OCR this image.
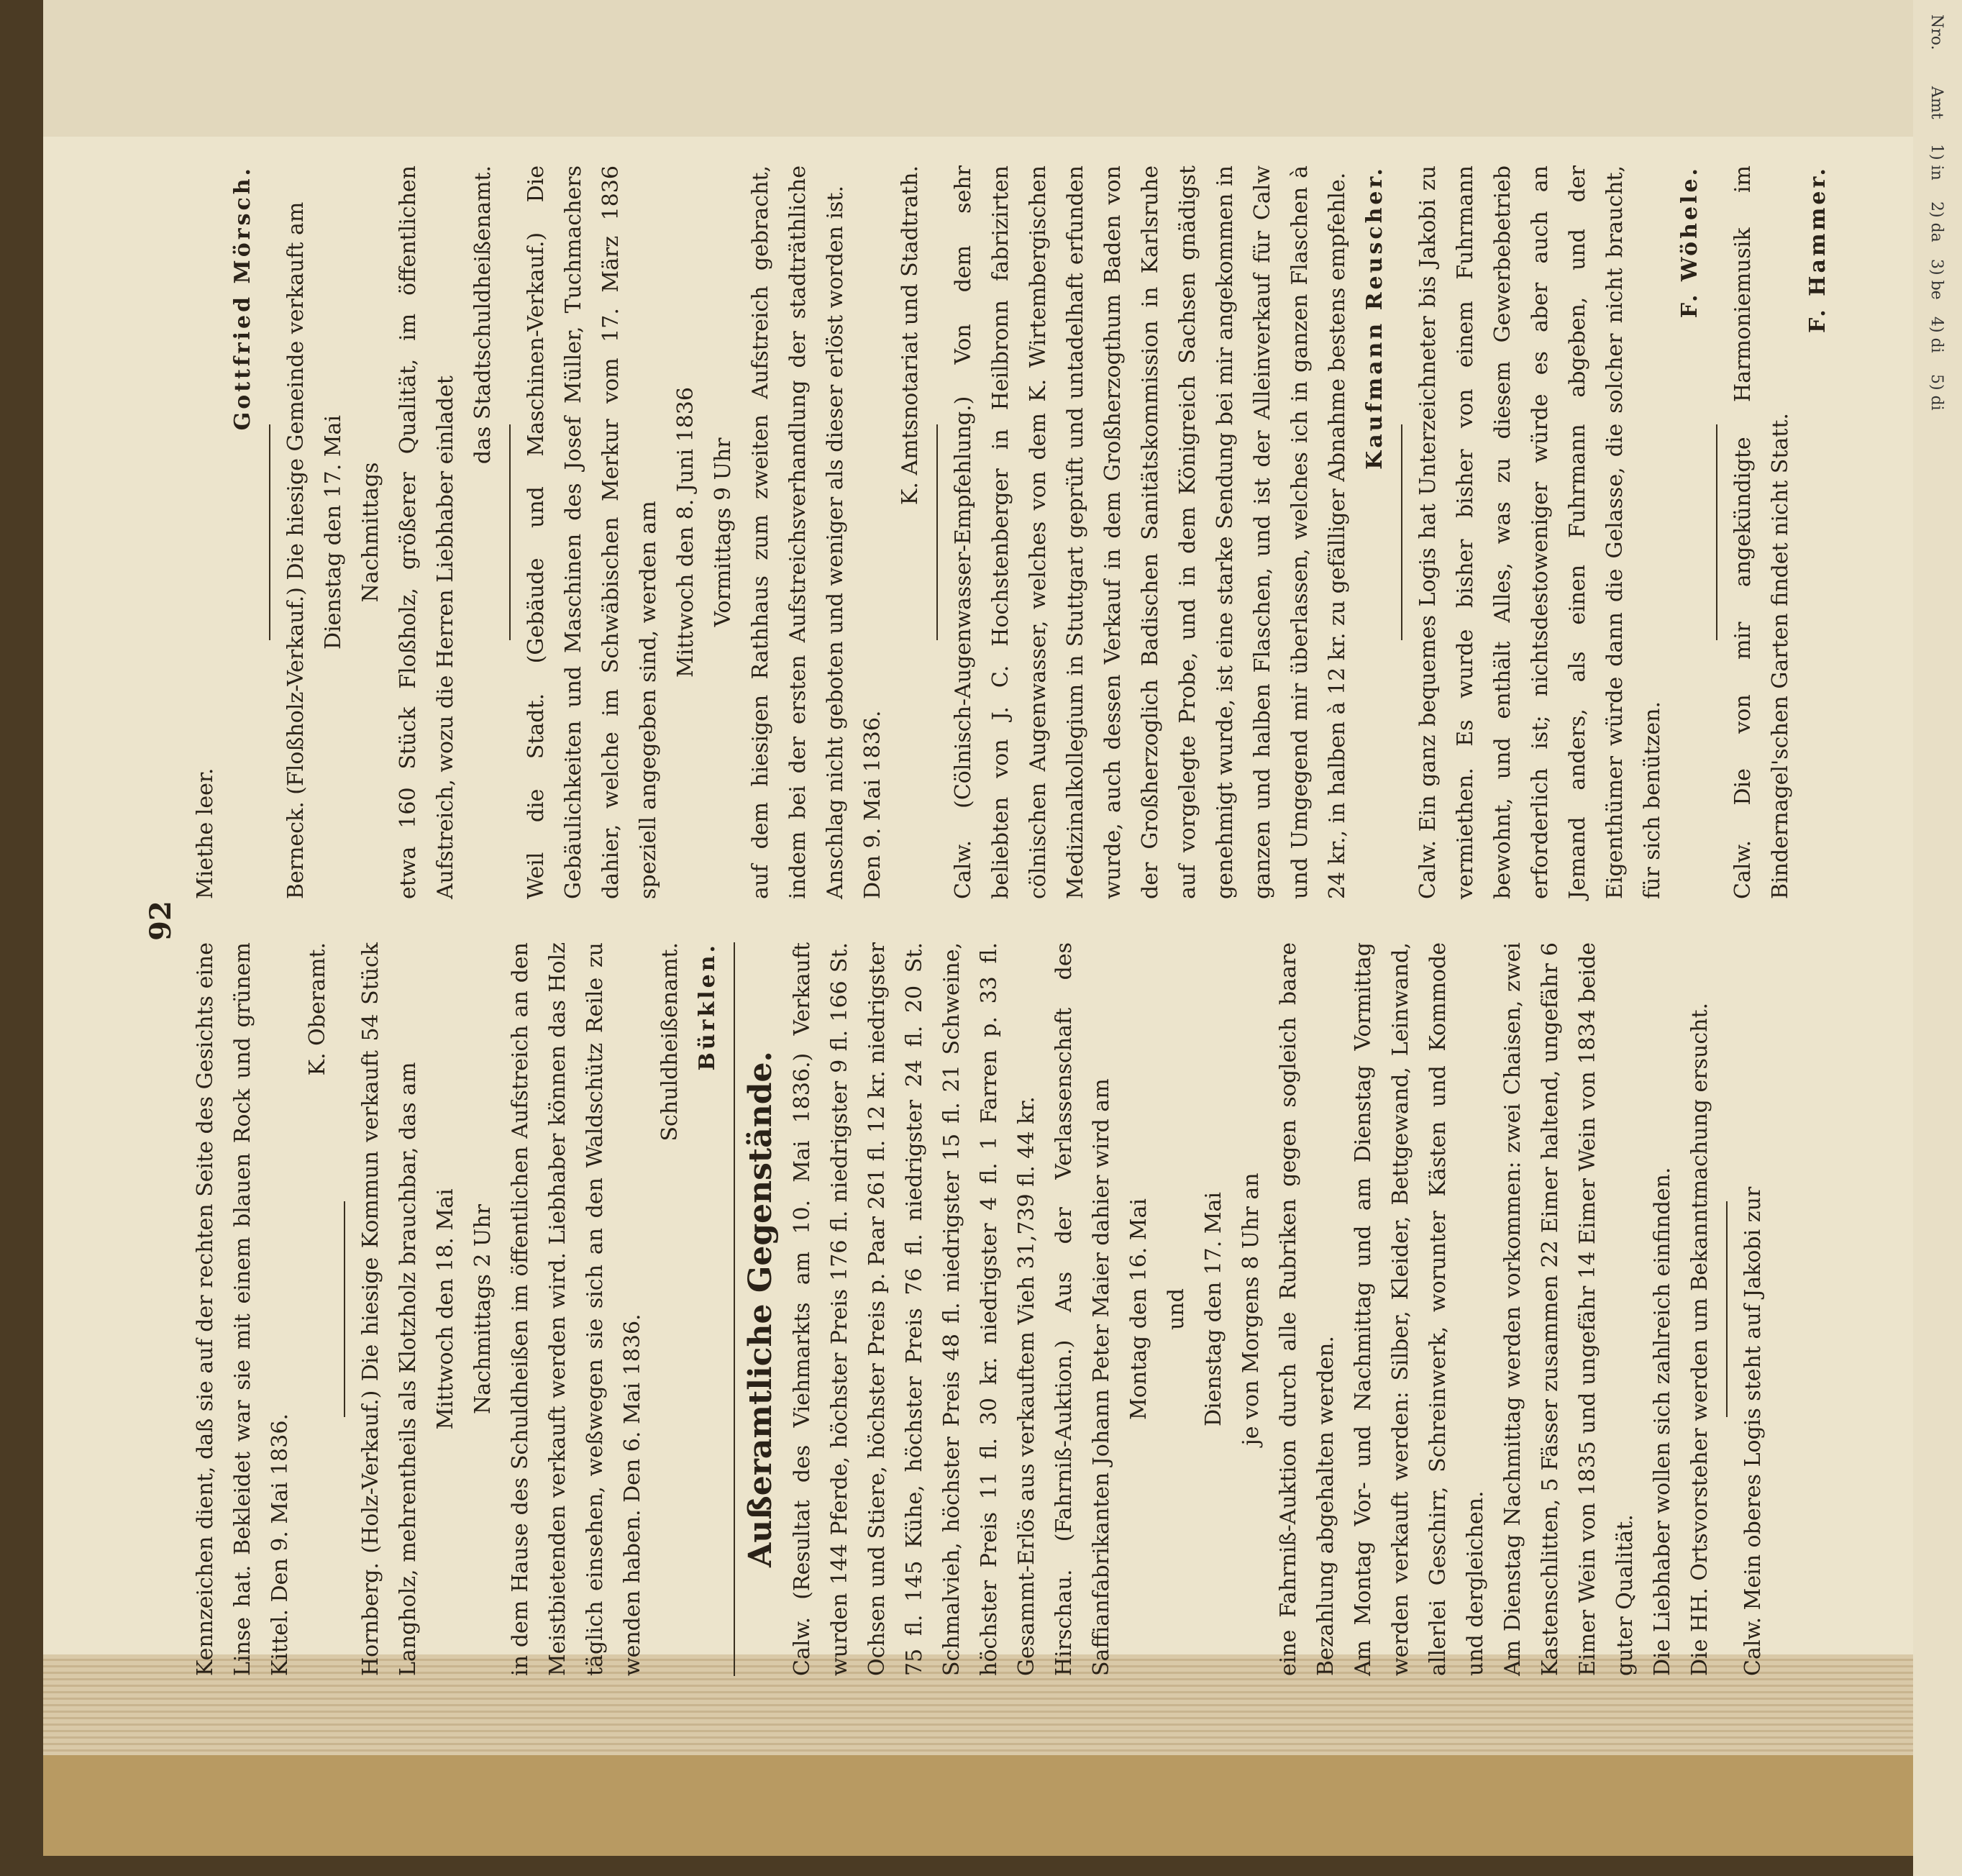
Nro.
Amt
1) in
2) da
3) be
4) di
5) di
92

Kennzeichen dient, daß sie auf der rechten Seite des Gesichts eine Linse hat. Bekleidet war sie mit einem blauen Rock und grünem Kittel. Den 9. Mai 1836.

K. Oberamt.	Hornberg. (Holz-Verkauf.) Die hiesige Kommun verkauft 54 Stück Langholz, mehrentheils als Klotzholz brauchbar, das am Mittwoch den 18. Mai Nachmittags 2 Uhr in dem Hause des Schuldheißen im öffentlichen Aufstreich an den Meistbietenden verkauft werden wird. Liebhaber können das Holz täglich einsehen, weßwegen sie sich an den Waldschütz Reile zu wenden haben. Den 6. Mai 1836.

Schuldheißenamt. Bürklen.

Außeramtliche Gegenstände. Calw. (Resultat des Viehmarkts am 10. Mai 1836.) Verkauft wurden 144 Pferde, höchster Preis 176 fl. niedrigster 9 fl. 166 St. Ochsen und Stiere, höchster Preis p. Paar 261 fl. 12 kr. niedrigster 75 fl. 145 Kühe, höchster Preis 76 fl. niedrigster 24 fl. 20 St. Schmalvieh, höchster Preis 48 fl. niedrigster 15 fl. 21 Schweine, höchster Preis 11 fl. 30 kr. niedrigster 4 fl. 1 Farren p. 33 fl. Gesammt-Erlös aus verkauftem Vieh 31,739 fl. 44 kr. Hirschau. (Fahrniß-Auktion.) Aus der Verlassenschaft des Saffianfabrikanten Johann Peter Maier dahier wird am Montag den 16. Mai und Dienstag den 17. Mai je von Morgens 8 Uhr an eine Fahrniß-Auktion durch alle Rubriken gegen sogleich baare Bezahlung abgehalten werden. Am Montag Vor- und Nachmittag und am Dienstag Vormittag werden verkauft werden: Silber, Kleider, Bettgewand, Leinwand, allerlei Geschirr, Schreinwerk, worunter Kästen und Kommode und dergleichen. Am Dienstag Nachmittag werden vorkommen: zwei Chaisen, zwei Kastenschlitten, 5 Fässer zusammen 22 Eimer haltend, ungefähr 6 Eimer Wein von 1835 und ungefähr 14 Eimer Wein von 1834 beide guter Qualität. Die Liebhaber wollen sich zahlreich einfinden. Die HH. Ortsvorsteher werden um Bekanntmachung ersucht.	Calw. Mein oberes Logis steht auf Jakobi zur

Miethe leer.

Gottfried Mörsch.	Berneck. (Floßholz-Verkauf.) Die hiesige Gemeinde verkauft am Dienstag den 17. Mai Nachmittags etwa 160 Stück Floßholz, größerer Qualität, im öffentlichen Aufstreich, wozu die Herren Liebhaber einladet

das Stadtschuldheißenamt.	Weil die Stadt. (Gebäude und Maschinen-Verkauf.) Die Gebäulichkeiten und Maschinen des Josef Müller, Tuchmachers dahier, welche im Schwäbischen Merkur vom 17. März 1836 speziell angegeben sind, werden am Mittwoch den 8. Juni 1836 Vormittags 9 Uhr auf dem hiesigen Rathhaus zum zweiten Aufstreich gebracht, indem bei der ersten Aufstreichsverhandlung der stadträthliche Anschlag nicht geboten und weniger als dieser erlöst worden ist. Den 9. Mai 1836.

K. Amtsnotariat und Stadtrath.	Calw. (Cölnisch-Augenwasser-Empfehlung.) Von dem sehr beliebten von J. C. Hochstenberger in Heilbronn fabrizirten cölnischen Augenwasser, welches von dem K. Wirtembergischen Medizinalkollegium in Stuttgart geprüft und untadelhaft erfunden wurde, auch dessen Verkauf in dem Großherzogthum Baden von der Großherzoglich Badischen Sanitätskommission in Karlsruhe auf vorgelegte Probe, und in dem Königreich Sachsen gnädigst genehmigt wurde, ist eine starke Sendung bei mir angekommen in ganzen und halben Flaschen, und ist der Alleinverkauf für Calw und Umgegend mir überlassen, welches ich in ganzen Flaschen à 24 kr., in halben à 12 kr. zu gefälliger Abnahme bestens empfehle. Kaufmann Reuscher.	Calw. Ein ganz bequemes Logis hat Unterzeichneter bis Jakobi zu vermiethen. Es wurde bisher bisher von einem Fuhrmann bewohnt, und enthält Alles, was zu diesem Gewerbebetrieb erforderlich ist; nichtsdestoweniger würde es aber auch an Jemand anders, als einen Fuhrmann abgeben, und der Eigenthümer würde dann die Gelasse, die solcher nicht braucht, für sich benützen.

F. Wöhele.	Calw. Die von mir angekündigte Harmoniemusik im Bindernagel'schen Garten findet nicht Statt.

F. Hammer.
